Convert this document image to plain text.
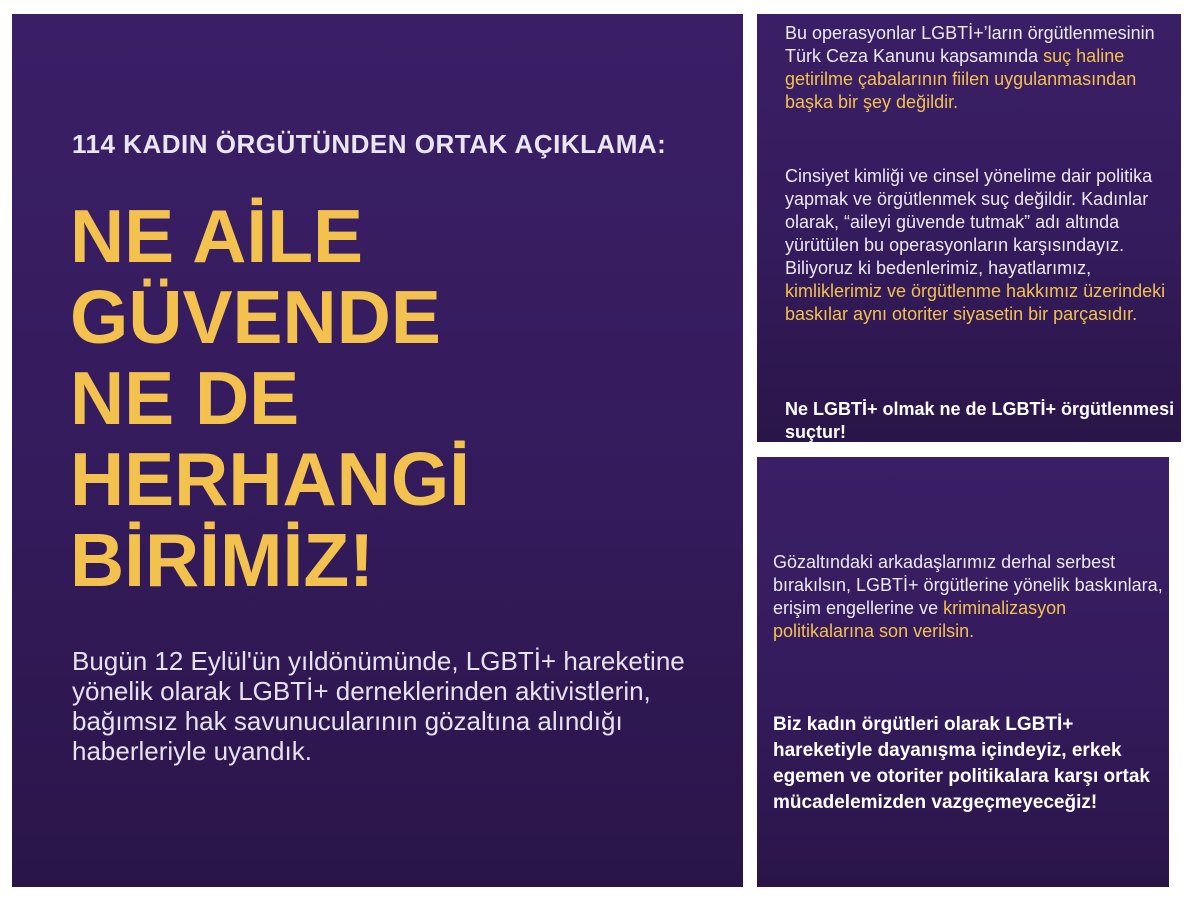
114 KADIN ÖRGÜTÜNDEN ORTAK AÇIKLAMA:
NE AİLE
GÜVENDE
NE DE
HERHANGİ
BİRİMİZ!

Bugün 12 Eylül'ün yıldönümünde, LGBTİ+ hareketine yönelik olarak LGBTİ+ derneklerinden aktivistlerin, bağımsız hak savunucularının gözaltına alındığı haberleriyle uyandık.

Bu operasyonlar LGBTİ+’ların örgütlenmesinin Türk Ceza Kanunu kapsamında suç haline getirilme çabalarının fiilen uygulanmasından başka bir şey değildir.

Cinsiyet kimliği ve cinsel yönelime dair politika yapmak ve örgütlenmek suç değildir. Kadınlar olarak, “aileyi güvende tutmak” adı altında yürütülen bu operasyonların karşısındayız. Biliyoruz ki bedenlerimiz, hayatlarımız, kimliklerimiz ve örgütlenme hakkımız üzerindeki baskılar aynı otoriter siyasetin bir parçasıdır.

Ne LGBTİ+ olmak ne de LGBTİ+ örgütlenmesi suçtur!

Gözaltındaki arkadaşlarımız derhal serbest bırakılsın, LGBTİ+ örgütlerine yönelik baskınlara, erişim engellerine ve kriminalizasyon politikalarına son verilsin.

Biz kadın örgütleri olarak LGBTİ+ hareketiyle dayanışma içindeyiz, erkek egemen ve otoriter politikalara karşı ortak mücadelemizden vazgeçmeyeceğiz!
